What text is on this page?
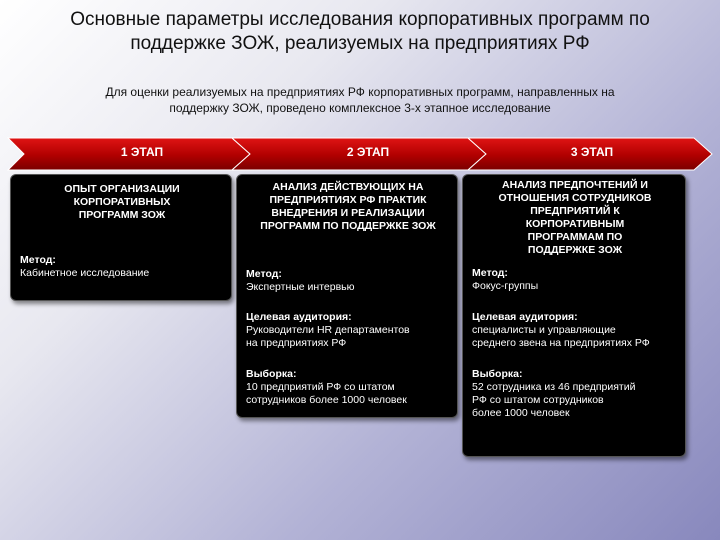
Основные параметры исследования корпоративных программ по
поддержке ЗОЖ, реализуемых на предприятиях РФ
Для оценки реализуемых на предприятиях РФ корпоративных программ, направленных на
поддержку ЗОЖ, проведено комплексное 3-х этапное исследование
1 ЭТАП	2 ЭТАП	3 ЭТАП
ОПЫТ ОРГАНИЗАЦИИ
КОРПОРАТИВНЫХ
ПРОГРАММ ЗОЖ
Метод:
Кабинетное исследование
АНАЛИЗ ДЕЙСТВУЮЩИХ НА
ПРЕДПРИЯТИЯХ РФ ПРАКТИК
ВНЕДРЕНИЯ И РЕАЛИЗАЦИИ
ПРОГРАММ ПО ПОДДЕРЖКЕ ЗОЖ
Метод:
Экспертные интервью
Целевая аудитория:
Руководители HR департаментов
на предприятиях РФ
Выборка:
10 предприятий РФ со штатом
сотрудников более 1000 человек
АНАЛИЗ ПРЕДПОЧТЕНИЙ И
ОТНОШЕНИЯ СОТРУДНИКОВ
ПРЕДПРИЯТИЙ К
КОРПОРАТИВНЫМ
ПРОГРАММАМ ПО
ПОДДЕРЖКЕ ЗОЖ
Метод:
Фокус-группы
Целевая аудитория:
специалисты и управляющие
среднего звена на предприятиях РФ
Выборка:
52 сотрудника из 46 предприятий
РФ со штатом сотрудников
более 1000 человек
